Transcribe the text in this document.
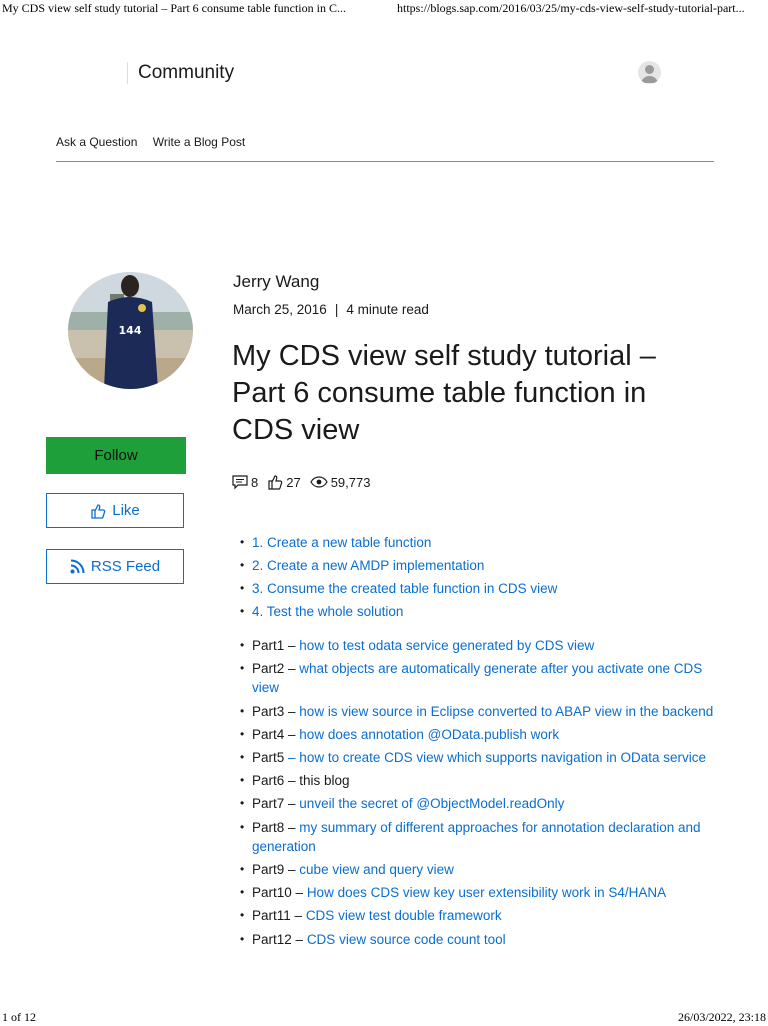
My CDS view self study tutorial – Part 6 consume table function in C...	https://blogs.sap.com/2016/03/25/my-cds-view-self-study-tutorial-part...
Community
Ask a Question Write a Blog Post
144
Follow
Like
RSS Feed
Jerry Wang
March 25, 2016 | 4 minute read
My CDS view self study tutorial – Part 6 consume table function in CDS view
8 27 59,773
• 1. Create a new table function
• 2. Create a new AMDP implementation
• 3. Consume the created table function in CDS view
• 4. Test the whole solution
• Part1 – how to test odata service generated by CDS view
• Part2 – what objects are automatically generate after you activate one CDS view
• Part3 – how is view source in Eclipse converted to ABAP view in the backend
• Part4 – how does annotation @OData.publish work
• Part5 – how to create CDS view which supports navigation in OData service
• Part6 – this blog
• Part7 – unveil the secret of @ObjectModel.readOnly
• Part8 – my summary of different approaches for annotation declaration and generation
• Part9 – cube view and query view
• Part10 – How does CDS view key user extensibility work in S4/HANA
• Part11 – CDS view test double framework
• Part12 – CDS view source code count tool
1 of 12	26/03/2022, 23:18
